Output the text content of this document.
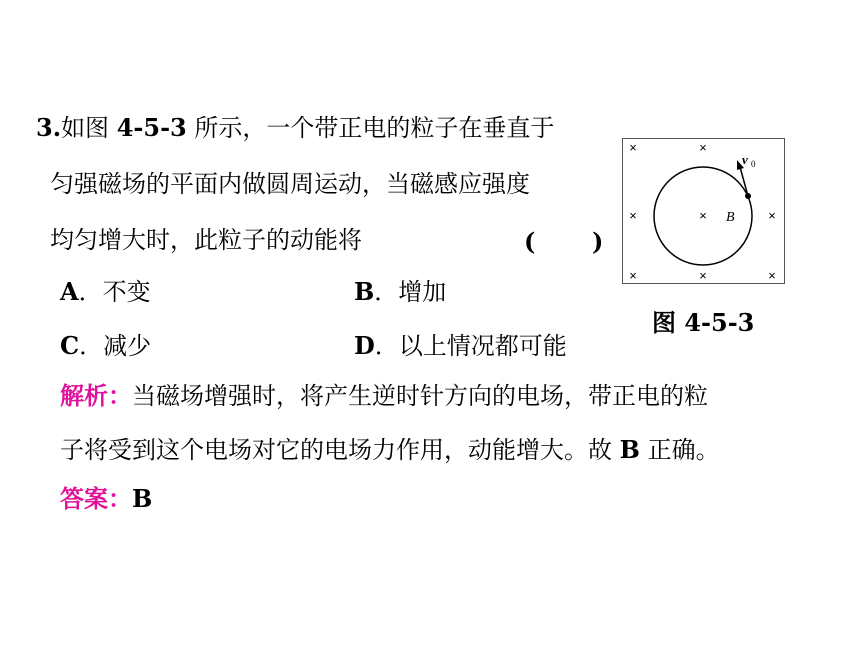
3.如图 4-5-3 所示，一个带正电的粒子在垂直于
匀强磁场的平面内做圆周运动，当磁感应强度
均匀增大时，此粒子的动能将	( )
A．不变	B．增加
C．减少	D．以上情况都可能
×	×
×	×	×
×	×	×
v 0
B
图 4-5-3
解析：当磁场增强时，将产生逆时针方向的电场，带正电的粒
子将受到这个电场对它的电场力作用，动能增大。故 B 正确。
答案：B
